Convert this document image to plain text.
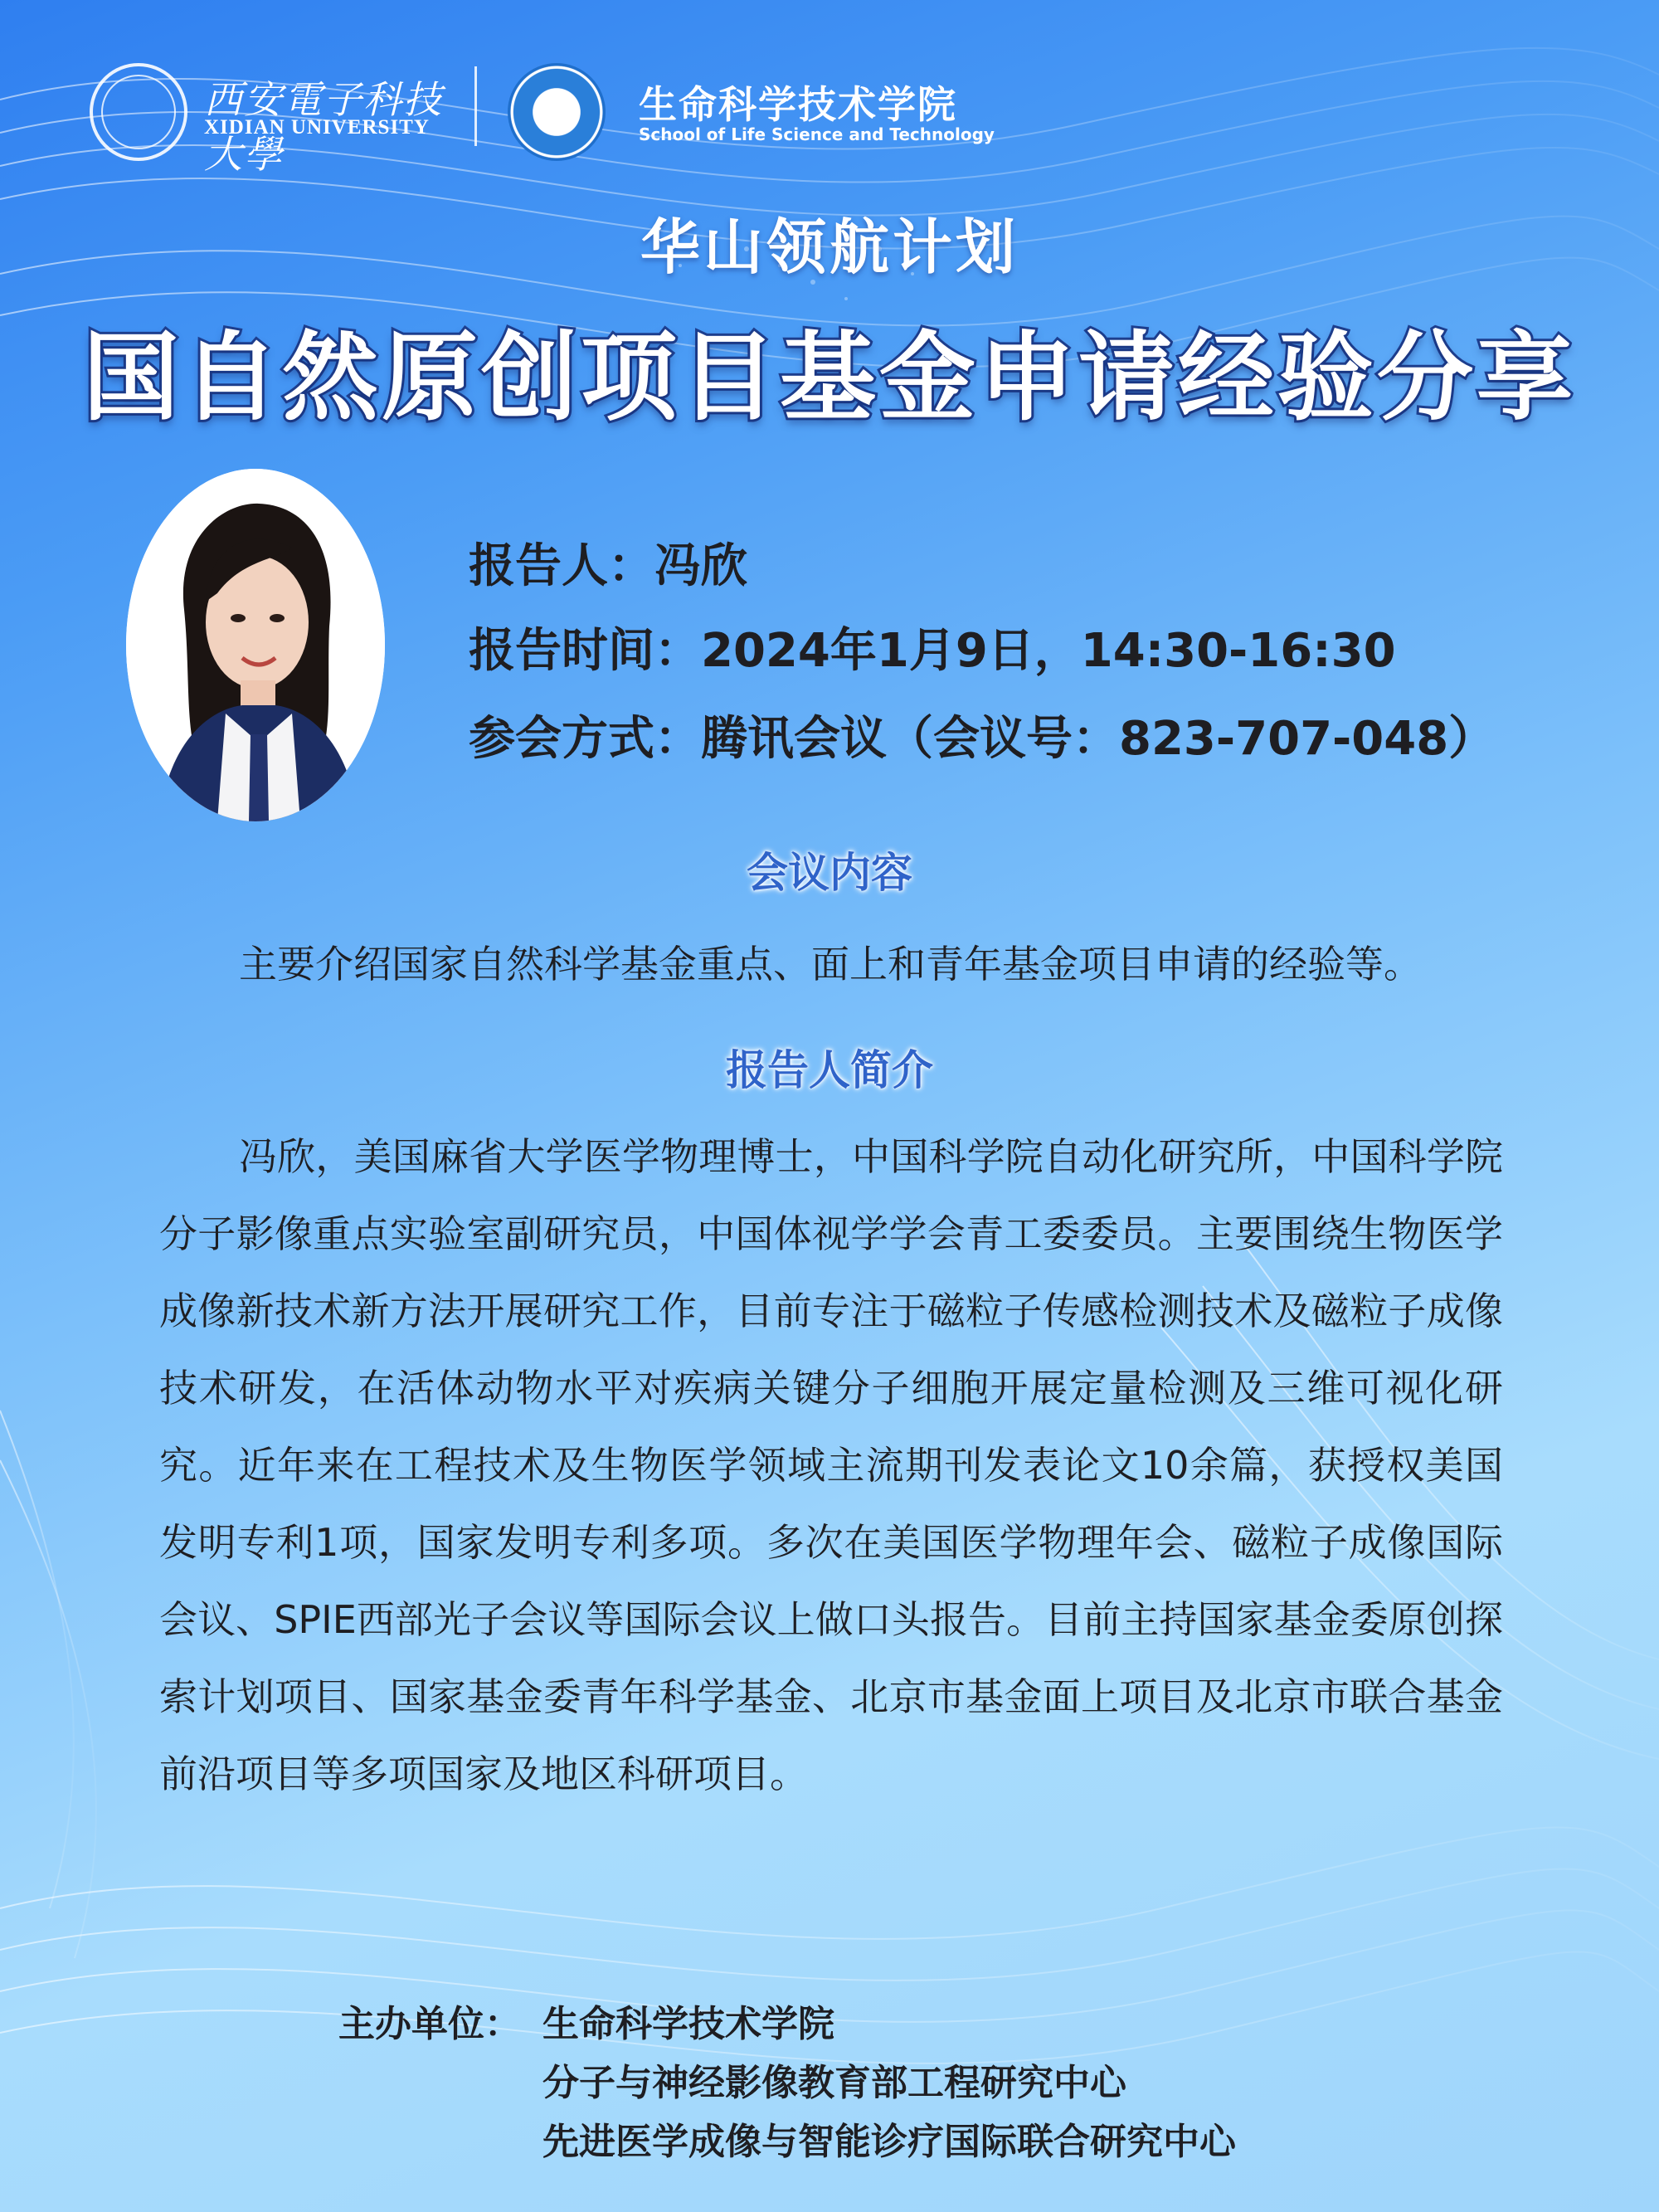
西安電子科技大學
XIDIAN UNIVERSITY
生命科学技术学院
School of Life Science and Technology
华山领航计划
国自然原创项目基金申请经验分享
报告人：冯欣
报告时间：2024年1月9日，14:30-16:30
参会方式：腾讯会议（会议号：823-707-048）
会议内容
主要介绍国家自然科学基金重点、面上和青年基金项目申请的经验等。
报告人简介
冯欣，美国麻省大学医学物理博士，中国科学院自动化研究所，中国科学院分子影像重点实验室副研究员，中国体视学学会青工委委员。主要围绕生物医学成像新技术新方法开展研究工作，目前专注于磁粒子传感检测技术及磁粒子成像技术研发，在活体动物水平对疾病关键分子细胞开展定量检测及三维可视化研究。近年来在工程技术及生物医学领域主流期刊发表论文10余篇，获授权美国发明专利1项，国家发明专利多项。多次在美国医学物理年会、磁粒子成像国际会议、SPIE西部光子会议等国际会议上做口头报告。目前主持国家基金委原创探索计划项目、国家基金委青年科学基金、北京市基金面上项目及北京市联合基金前沿项目等多项国家及地区科研项目。
主办单位： 生命科学技术学院
分子与神经影像教育部工程研究中心
先进医学成像与智能诊疗国际联合研究中心
